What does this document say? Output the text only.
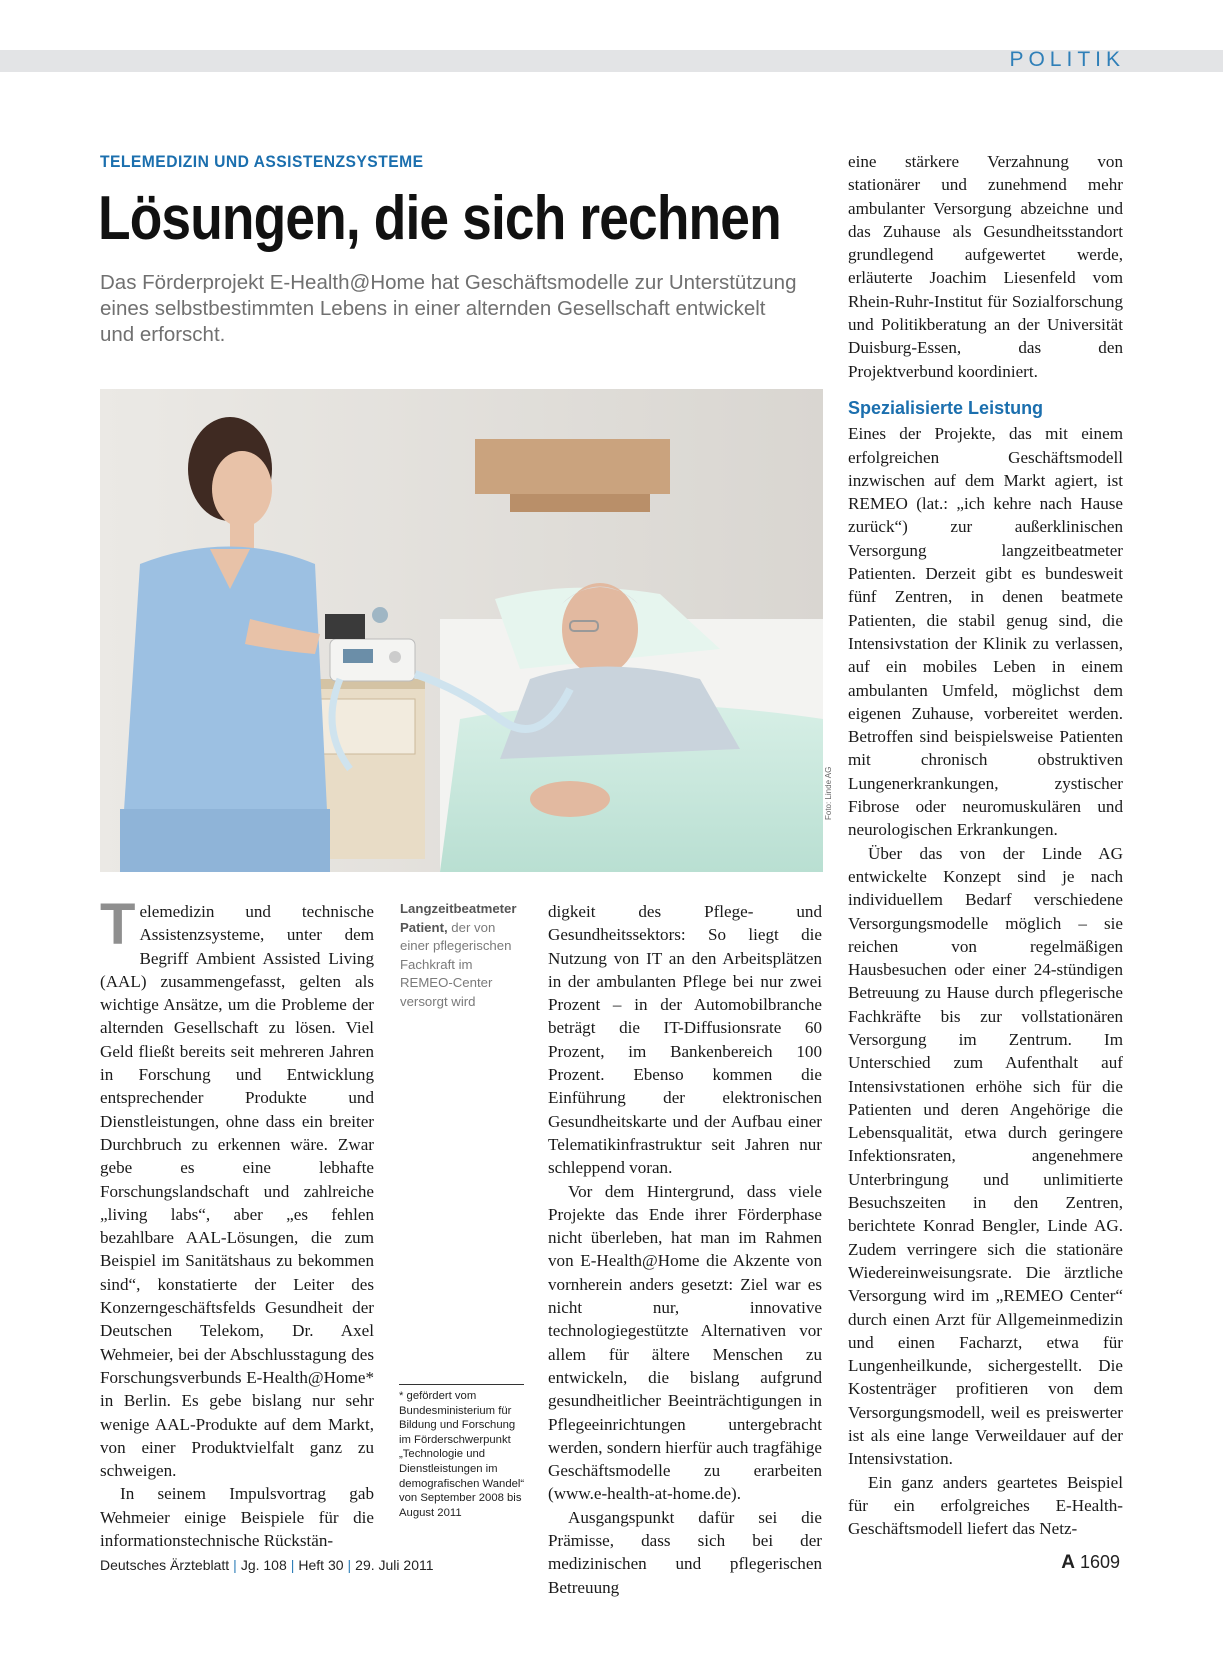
POLITIK
TELEMEDIZIN UND ASSISTENZSYSTEME
Lösungen, die sich rechnen
Das Förderprojekt E-Health@Home hat Geschäftsmodelle zur Unterstützung eines selbstbestimmten Lebens in einer alternden Gesellschaft entwickelt und erforscht.
Foto: Linde AG

Telemedizin und technische Assistenzsysteme, unter dem Begriff Ambient Assisted Living (AAL) zusammengefasst, gelten als wichtige Ansätze, um die Probleme der alternden Gesellschaft zu lösen. Viel Geld fließt bereits seit mehreren Jahren in Forschung und Entwicklung entsprechender Produkte und Dienstleistungen, ohne dass ein breiter Durchbruch zu erkennen wäre. Zwar gebe es eine lebhafte Forschungslandschaft und zahlreiche „living labs“, aber „es fehlen bezahlbare AAL-Lösungen, die zum Beispiel im Sanitätshaus zu bekommen sind“, konstatierte der Leiter des Konzerngeschäftsfelds Gesundheit der Deutschen Telekom, Dr. Axel Wehmeier, bei der Abschlusstagung des Forschungsverbunds E-Health@Home* in Berlin. Es gebe bislang nur sehr wenige AAL-Produkte auf dem Markt, von einer Produktvielfalt ganz zu schweigen.

In seinem Impulsvortrag gab Wehmeier einige Beispiele für die informationstechnische Rückstän-

Langzeitbeatmeter Patient, der von einer pflegerischen Fachkraft im REMEO-Center versorgt wird
* gefördert vom Bundesministerium für Bildung und Forschung im Förderschwerpunkt „Technologie und Dienstleistungen im demografischen Wandel“ von September 2008 bis August 2011

digkeit des Pflege- und Gesundheitssektors: So liegt die Nutzung von IT an den Arbeitsplätzen in der ambulanten Pflege bei nur zwei Prozent – in der Automobilbranche beträgt die IT-Diffusionsrate 60 Prozent, im Bankenbereich 100 Prozent. Ebenso kommen die Einführung der elektronischen Gesundheitskarte und der Aufbau einer Telematikinfrastruktur seit Jahren nur schleppend voran.

Vor dem Hintergrund, dass viele Projekte das Ende ihrer Förderphase nicht überleben, hat man im Rahmen von E-Health@Home die Akzente von vornherein anders gesetzt: Ziel war es nicht nur, innovative technologiegestützte Alternativen vor allem für ältere Menschen zu entwickeln, die bislang aufgrund gesundheitlicher Beeinträchtigungen in Pflegeeinrichtungen untergebracht werden, sondern hierfür auch tragfähige Geschäftsmodelle zu erarbeiten (www.e-health-at-home.de).

Ausgangspunkt dafür sei die Prämisse, dass sich bei der medizinischen und pflegerischen Betreuung

eine stärkere Verzahnung von stationärer und zunehmend mehr ambulanter Versorgung abzeichne und das Zuhause als Gesundheitsstandort grundlegend aufgewertet werde, erläuterte Joachim Liesenfeld vom Rhein-Ruhr-Institut für Sozialforschung und Politikberatung an der Universität Duisburg-Essen, das den Projektverbund koordiniert.

Spezialisierte Leistung

Eines der Projekte, das mit einem erfolgreichen Geschäftsmodell inzwischen auf dem Markt agiert, ist REMEO (lat.: „ich kehre nach Hause zurück“) zur außerklinischen Versorgung langzeitbeatmeter Patienten. Derzeit gibt es bundesweit fünf Zentren, in denen beatmete Patienten, die stabil genug sind, die Intensivstation der Klinik zu verlassen, auf ein mobiles Leben in einem ambulanten Umfeld, möglichst dem eigenen Zuhause, vorbereitet werden. Betroffen sind beispielsweise Patienten mit chronisch obstruktiven Lungenerkrankungen, zystischer Fibrose oder neuromuskulären und neurologischen Erkrankungen.

Über das von der Linde AG entwickelte Konzept sind je nach individuellem Bedarf verschiedene Versorgungsmodelle möglich – sie reichen von regelmäßigen Hausbesuchen oder einer 24-stündigen Betreuung zu Hause durch pflegerische Fachkräfte bis zur vollstationären Versorgung im Zentrum. Im Unterschied zum Aufenthalt auf Intensivstationen erhöhe sich für die Patienten und deren Angehörige die Lebensqualität, etwa durch geringere Infektionsraten, angenehmere Unterbringung und unlimitierte Besuchszeiten in den Zentren, berichtete Konrad Bengler, Linde AG. Zudem verringere sich die stationäre Wiedereinweisungsrate. Die ärztliche Versorgung wird im „REMEO Center“ durch einen Arzt für Allgemeinmedizin und einen Facharzt, etwa für Lungenheilkunde, sichergestellt. Die Kostenträger profitieren von dem Versorgungsmodell, weil es preiswerter ist als eine lange Verweildauer auf der Intensivstation.

Ein ganz anders geartetes Beispiel für ein erfolgreiches E-Health-Geschäftsmodell liefert das Netz-

Deutsches Ärzteblatt | Jg. 108 | Heft 30 | 29. Juli 2011	A 1609
